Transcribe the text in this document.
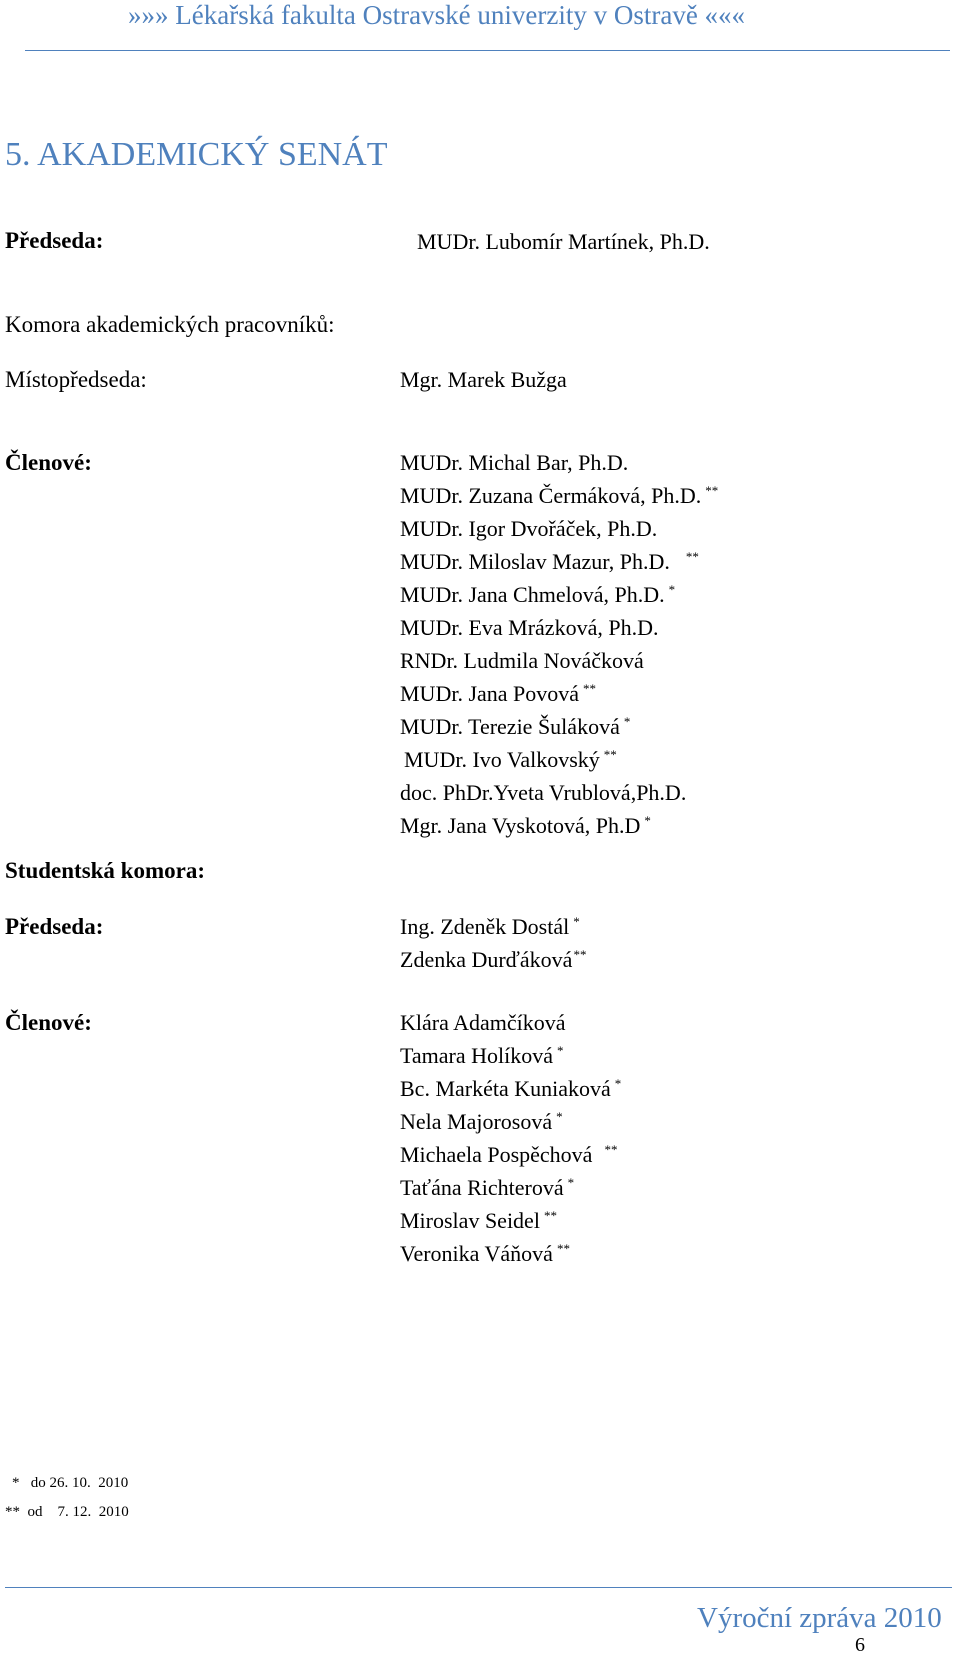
»»» Lékařská fakulta Ostravské univerzity v Ostravě «««
5. AKADEMICKÝ SENÁT
Předseda:	MUDr. Lubomír Martínek, Ph.D.
Komora akademických pracovníků:
Místopředseda:	Mgr. Marek Bužga
Členové:	MUDr. Michal Bar, Ph.D.
MUDr. Zuzana Čermáková, Ph.D. **
MUDr. Igor Dvořáček, Ph.D.
MUDr. Miloslav Mazur, Ph.D. **
MUDr. Jana Chmelová, Ph.D. *
MUDr. Eva Mrázková, Ph.D.
RNDr. Ludmila Nováčková
MUDr. Jana Povová **
MUDr. Terezie Šuláková *
MUDr. Ivo Valkovský **
doc. PhDr.Yveta Vrublová,Ph.D.
Mgr. Jana Vyskotová, Ph.D *
Studentská komora:
Předseda:	Ing. Zdeněk Dostál *
Zdenka Durďáková**
Členové:	Klára Adamčíková
Tamara Holíková *
Bc. Markéta Kuniaková *
Nela Majorosová *
Michaela Pospěchová **
Taťána Richterová *
Miroslav Seidel **
Veronika Váňová **
* do 26. 10.  2010
** od    7. 12.  2010
Výroční zpráva 2010
6
